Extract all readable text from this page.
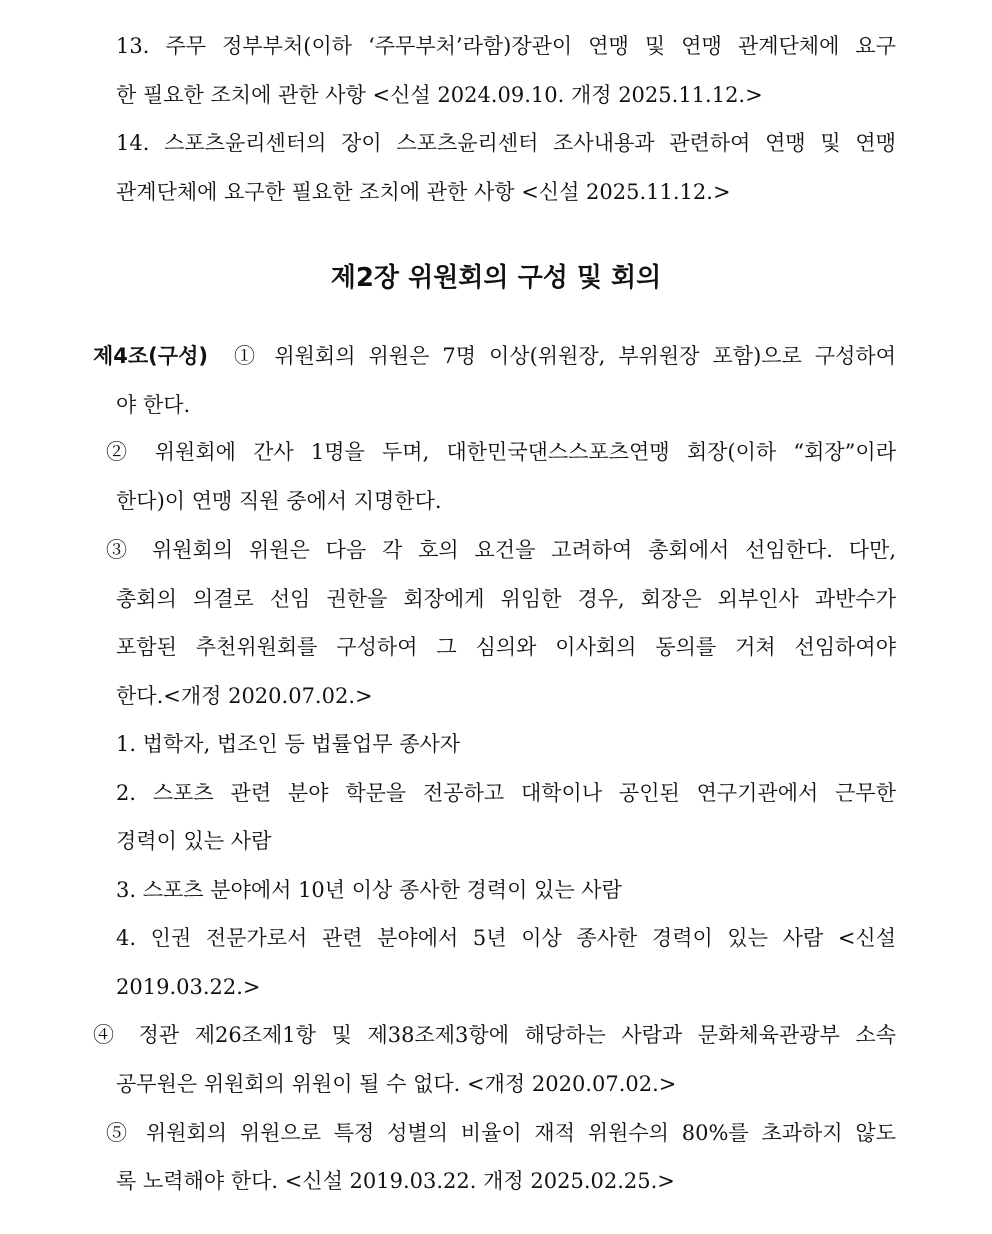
13. 주무 정부부처(이하 ‘주무부처’라함)장관이 연맹 및 연맹 관계단체에 요구
한 필요한 조치에 관한 사항 <신설 2024.09.10. 개정 2025.11.12.>
14. 스포츠윤리센터의 장이 스포츠윤리센터 조사내용과 관련하여 연맹 및 연맹
관계단체에 요구한 필요한 조치에 관한 사항 <신설 2025.11.12.>
제2장 위원회의 구성 및 회의
제4조(구성) ① 위원회의 위원은 7명 이상(위원장, 부위원장 포함)으로 구성하여
야 한다.
② 위원회에 간사 1명을 두며, 대한민국댄스스포츠연맹 회장(이하 “회장”이라
한다)이 연맹 직원 중에서 지명한다.
③ 위원회의 위원은 다음 각 호의 요건을 고려하여 총회에서 선임한다. 다만,
총회의 의결로 선임 권한을 회장에게 위임한 경우, 회장은 외부인사 과반수가
포함된 추천위원회를 구성하여 그 심의와 이사회의 동의를 거쳐 선임하여야
한다.<개정 2020.07.02.>
1. 법학자, 법조인 등 법률업무 종사자
2. 스포츠 관련 분야 학문을 전공하고 대학이나 공인된 연구기관에서 근무한
경력이 있는 사람
3. 스포츠 분야에서 10년 이상 종사한 경력이 있는 사람
4. 인권 전문가로서 관련 분야에서 5년 이상 종사한 경력이 있는 사람 <신설
2019.03.22.>
④ 정관 제26조제1항 및 제38조제3항에 해당하는 사람과 문화체육관광부 소속
공무원은 위원회의 위원이 될 수 없다. <개정 2020.07.02.>
⑤ 위원회의 위원으로 특정 성별의 비율이 재적 위원수의 80%를 초과하지 않도
록 노력해야 한다. <신설 2019.03.22. 개정 2025.02.25.>
